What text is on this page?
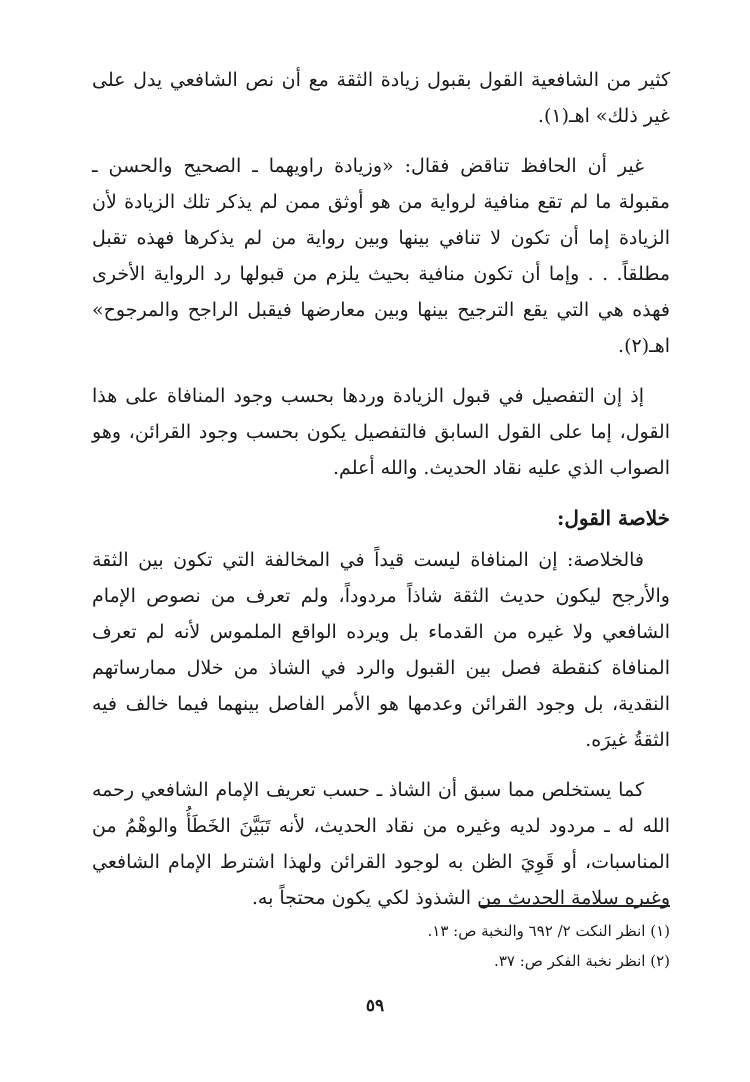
كثير من الشافعية القول بقبول زيادة الثقة مع أن نص الشافعي يدل على غير ذلك» اهـ(١).

غير أن الحافظ تناقض فقال: «وزيادة راويهما ـ الصحيح والحسن ـ مقبولة ما لم تقع منافية لرواية من هو أوثق ممن لم يذكر تلك الزيادة لأن الزيادة إما أن تكون لا تنافي بينها وبين رواية من لم يذكرها فهذه تقبل مطلقاً. . . وإما أن تكون منافية بحيث يلزم من قبولها رد الرواية الأخرى فهذه هي التي يقع الترجيح بينها وبين معارضها فيقبل الراجح والمرجوح» اهـ(٢).

إذ إن التفصيل في قبول الزيادة وردها بحسب وجود المنافاة على هذا القول، إما على القول السابق فالتفصيل يكون بحسب وجود القرائن، وهو الصواب الذي عليه نقاد الحديث. والله أعلم.

خلاصة القول:

فالخلاصة: إن المنافاة ليست قيداً في المخالفة التي تكون بين الثقة والأرجح ليكون حديث الثقة شاذاً مردوداً، ولم تعرف من نصوص الإمام الشافعي ولا غيره من القدماء بل ويرده الواقع الملموس لأنه لم تعرف المنافاة كنقطة فصل بين القبول والرد في الشاذ من خلال ممارساتهم النقدية، بل وجود القرائن وعدمها هو الأمر الفاصل بينهما فيما خالف فيه الثقةُ غيرَه.

كما يستخلص مما سبق أن الشاذ ـ حسب تعريف الإمام الشافعي رحمه الله له ـ مردود لديه وغيره من نقاد الحديث، لأنه تَبَيَّنَ الخَطَأُ والوهْمُ من المناسبات، أو قَوِيَ الظن به لوجود القرائن ولهذا اشترط الإمام الشافعي وغيره سلامة الحديث من الشذوذ لكي يكون محتجاً به.

(١) انظر النكت ٢/ ٦٩٢ والنخبة ص: ١٣.

(٢) انظر نخبة الفكر ص: ٣٧.

٥٩
